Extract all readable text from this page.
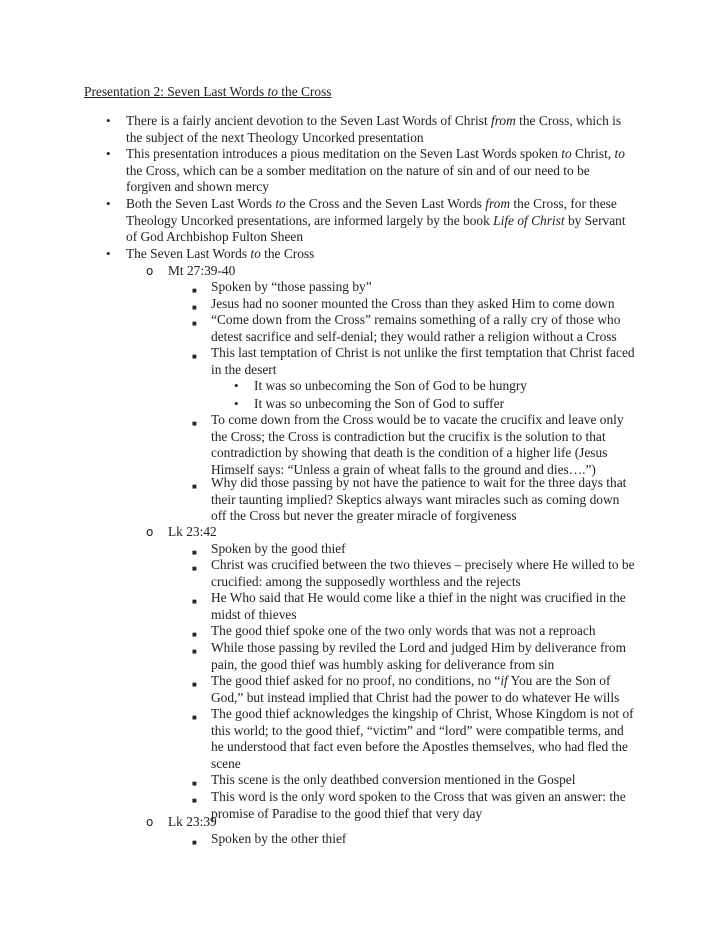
Presentation 2: Seven Last Words to the Cross
• There is a fairly ancient devotion to the Seven Last Words of Christ from the Cross, which is the subject of the next Theology Uncorked presentation
• This presentation introduces a pious meditation on the Seven Last Words spoken to Christ, to the Cross, which can be a somber meditation on the nature of sin and of our need to be forgiven and shown mercy
• Both the Seven Last Words to the Cross and the Seven Last Words from the Cross, for these Theology Uncorked presentations, are informed largely by the book Life of Christ by Servant of God Archbishop Fulton Sheen
• The Seven Last Words to the Cross
o Mt 27:39-40
■ Spoken by “those passing by”
■ Jesus had no sooner mounted the Cross than they asked Him to come down
■ “Come down from the Cross” remains something of a rally cry of those who detest sacrifice and self-denial; they would rather a religion without a Cross
■ This last temptation of Christ is not unlike the first temptation that Christ faced in the desert
• It was so unbecoming the Son of God to be hungry
• It was so unbecoming the Son of God to suffer
■ To come down from the Cross would be to vacate the crucifix and leave only the Cross; the Cross is contradiction but the crucifix is the solution to that contradiction by showing that death is the condition of a higher life (Jesus Himself says: “Unless a grain of wheat falls to the ground and dies….”)
■ Why did those passing by not have the patience to wait for the three days that their taunting implied? Skeptics always want miracles such as coming down off the Cross but never the greater miracle of forgiveness
o Lk 23:42
■ Spoken by the good thief
■ Christ was crucified between the two thieves – precisely where He willed to be crucified: among the supposedly worthless and the rejects
■ He Who said that He would come like a thief in the night was crucified in the midst of thieves
■ The good thief spoke one of the two only words that was not a reproach
■ While those passing by reviled the Lord and judged Him by deliverance from pain, the good thief was humbly asking for deliverance from sin
■ The good thief asked for no proof, no conditions, no “if You are the Son of God,” but instead implied that Christ had the power to do whatever He wills
■ The good thief acknowledges the kingship of Christ, Whose Kingdom is not of this world; to the good thief, “victim” and “lord” were compatible terms, and he understood that fact even before the Apostles themselves, who had fled the scene
■ This scene is the only deathbed conversion mentioned in the Gospel
■ This word is the only word spoken to the Cross that was given an answer: the promise of Paradise to the good thief that very day
o Lk 23:39
■ Spoken by the other thief
